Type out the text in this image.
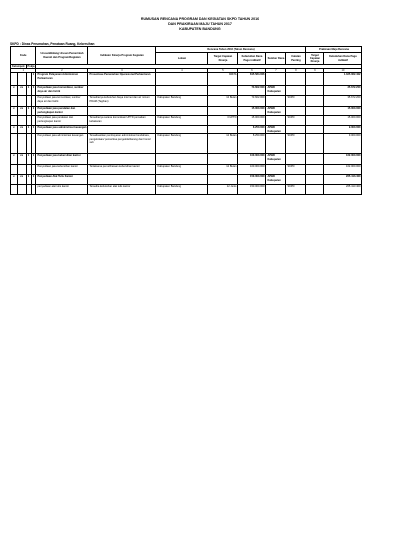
RUMUSAN RENCANA PROGRAM DAN KEGIATAN SKPD TAHUN 2016
DAN PRAKIRAAN MAJU TAHUN 2017
KABUPATEN BANDUNG
SKPD : Dinas Perumahan, Penataan Ruang, Kebersihan
Kode				Urusan/Bidang Urusan Pemerintah Daerah dan Program/Kegiatan	Indikator Kinerja Program Kegiatan	Rencana Tahun 2016 (Tahun Rencana)					Prakiraan Maju Rencana	
						Lokasi	Target Capaian Kinerja	Kebutuhan Dana Pagu indikatif	Sumber Dana	Catatan Penting	Target Capaian Kinerja	Kebutuhan Dana Pagu indikatif
Kelompok		Pokja										
1				2	3	4	5	6	7	8	9	10
			1	Program Pelayanan Administrasi Perkantoran	Prosentase Pemenuhan Operasional Perkantoran		100 %	815.584.006				1.325.062.402
x	xx	1	1	Penyediaan jasa komunikasi, sumber daya air dan listrik				73.602.000	APBD Kabupaten			35.672.200
				Penyediaan jasa komunikasi, sumber daya air dan listrik	Tersedianya kebutuhan biaya internet dan air minum PDAM (Tagihan)	Kabupaten Bandung	12 Bulan	73.602.000		SKPD		35.672.200
x	xx	1	1	Penyediaan jasa peralatan dan perlengkapan kantor				15.000.000	APBD Kabupaten			15.000.000
				Penyediaan jasa peralatan dan perlengkapan kantor	Tersedianya sarana komunikasi UPTD pemadam kebakaran	Kabupaten Bandung	3 UPTD	15.000.000		SKPD		15.000.000
x	xx	1	1	Penyediaan jasa administrasi keuangan				8.250.000	APBD Kabupaten			9.000.000
				Penyediaan jasa administrasi keuangan	Terealisasikan pembayaran administrasi bendahara, pengelolaan/ pemeriksa pengelola/barang dan honor/ sub	Kabupaten Bandung	12 Bulan	8.250.000		SKPD		9.000.000
x	xx	1	1	Penyediaan jasa kebersihan kantor				100.000.000	APBD Kabupaten			162.000.000
				Penyediaan jasa kebersihan kantor	Terlaksana pemeliharaan kebersihan kantor	Kabupaten Bandung	12 Bulan	100.000.000		SKPD		162.000.000
x	xx	1	1	Penyediaan Alat Tulis Kantor				150.000.000	APBD Kabupaten			265.413.400
				penyediaan alat tulis kantor	Tersedia kebutuhan alat tulis kantor	Kabupaten Bandung	12 Jenis	150.000.000		SKPD		265.413.400
